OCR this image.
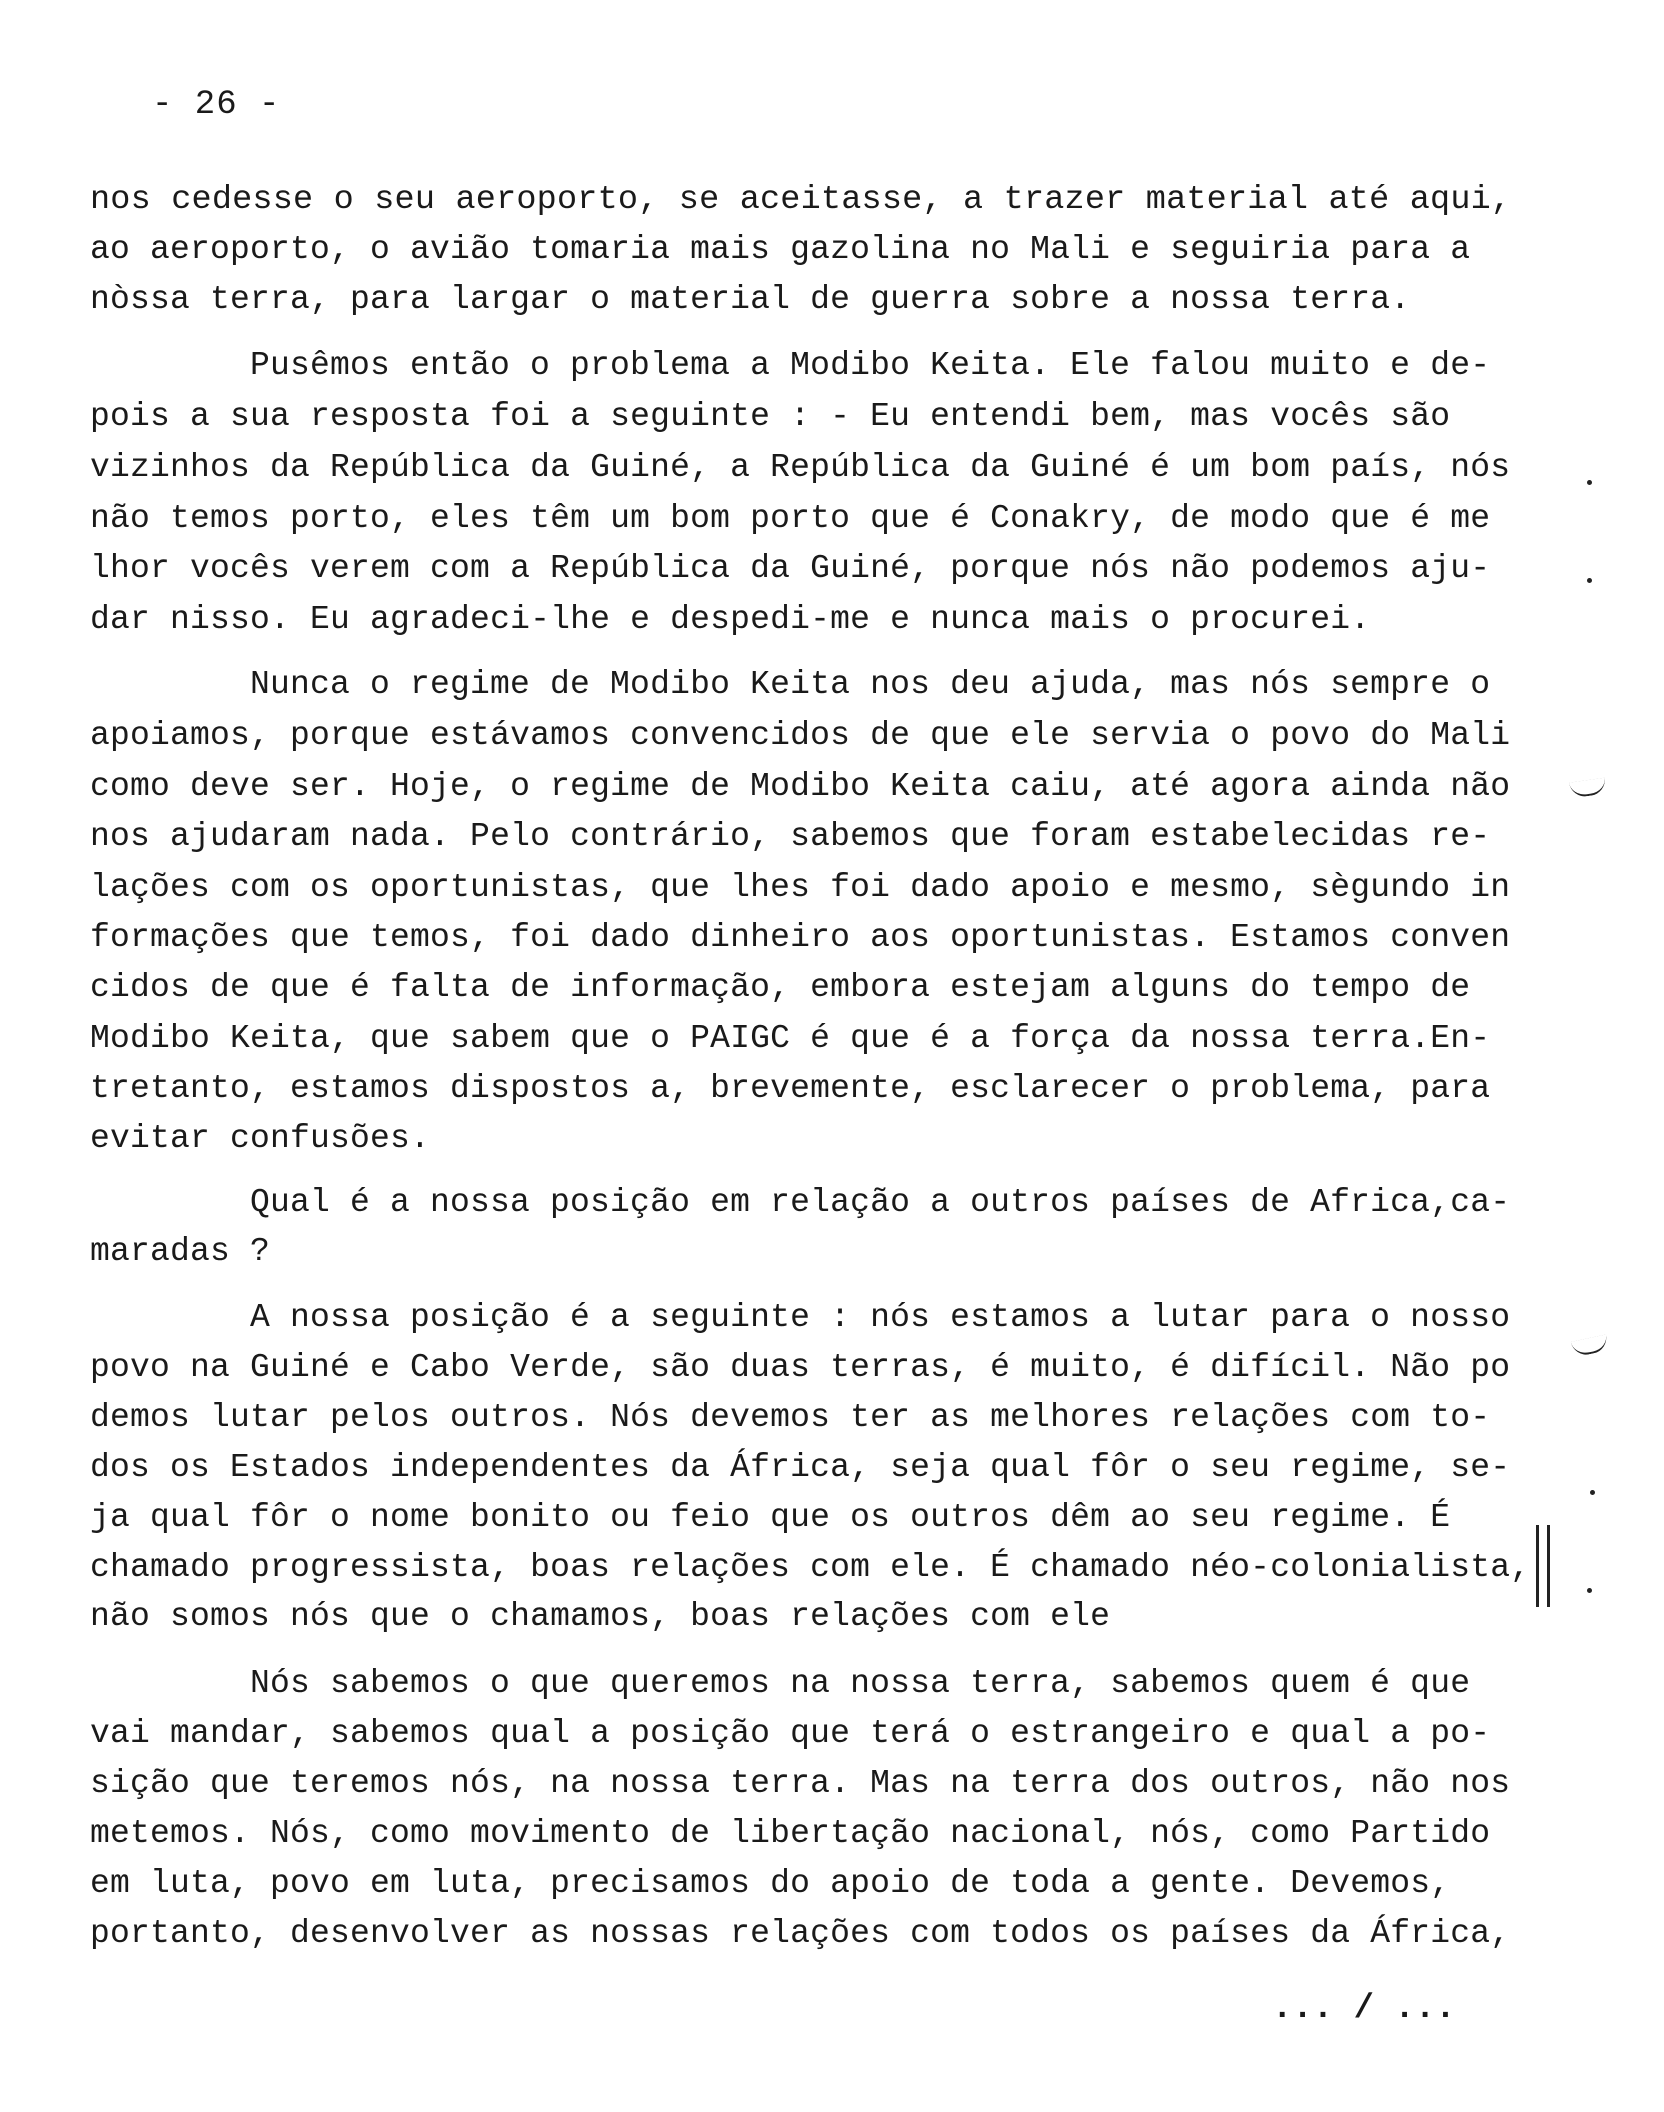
- 26 -
nos cedesse o seu aeroporto, se aceitasse, a trazer material até aqui,
ao aeroporto, o avião tomaria mais gazolina no Mali e seguiria para a
nòssa terra, para largar o material de guerra sobre a nossa terra.
Pusêmos então o problema a Modibo Keita. Ele falou muito e de-
pois a sua resposta foi a seguinte : - Eu entendi bem, mas vocês são
vizinhos da República da Guiné, a República da Guiné é um bom país, nós
não temos porto, eles têm um bom porto que é Conakry, de modo que é me
lhor vocês verem com a República da Guiné, porque nós não podemos aju-
dar nisso. Eu agradeci-lhe e despedi-me e nunca mais o procurei.
Nunca o regime de Modibo Keita nos deu ajuda, mas nós sempre o
apoiamos, porque estávamos convencidos de que ele servia o povo do Mali
como deve ser. Hoje, o regime de Modibo Keita caiu, até agora ainda não
nos ajudaram nada. Pelo contrário, sabemos que foram estabelecidas re-
lações com os oportunistas, que lhes foi dado apoio e mesmo, sègundo in
formações que temos, foi dado dinheiro aos oportunistas. Estamos conven
cidos de que é falta de informação, embora estejam alguns do tempo de
Modibo Keita, que sabem que o PAIGC é que é a força da nossa terra.En-
tretanto, estamos dispostos a, brevemente, esclarecer o problema, para
evitar confusões.
Qual é a nossa posição em relação a outros países de Africa,ca-
maradas ?
A nossa posição é a seguinte : nós estamos a lutar para o nosso
povo na Guiné e Cabo Verde, são duas terras, é muito, é difícil. Não po
demos lutar pelos outros. Nós devemos ter as melhores relações com to-
dos os Estados independentes da África, seja qual fôr o seu regime, se-
ja qual fôr o nome bonito ou feio que os outros dêm ao seu regime. É
chamado progressista, boas relações com ele. É chamado néo-colonialista,
não somos nós que o chamamos, boas relações com ele
Nós sabemos o que queremos na nossa terra, sabemos quem é que
vai mandar, sabemos qual a posição que terá o estrangeiro e qual a po-
sição que teremos nós, na nossa terra. Mas na terra dos outros, não nos
metemos. Nós, como movimento de libertação nacional, nós, como Partido
em luta, povo em luta, precisamos do apoio de toda a gente. Devemos,
portanto, desenvolver as nossas relações com todos os países da África,
... / ...
